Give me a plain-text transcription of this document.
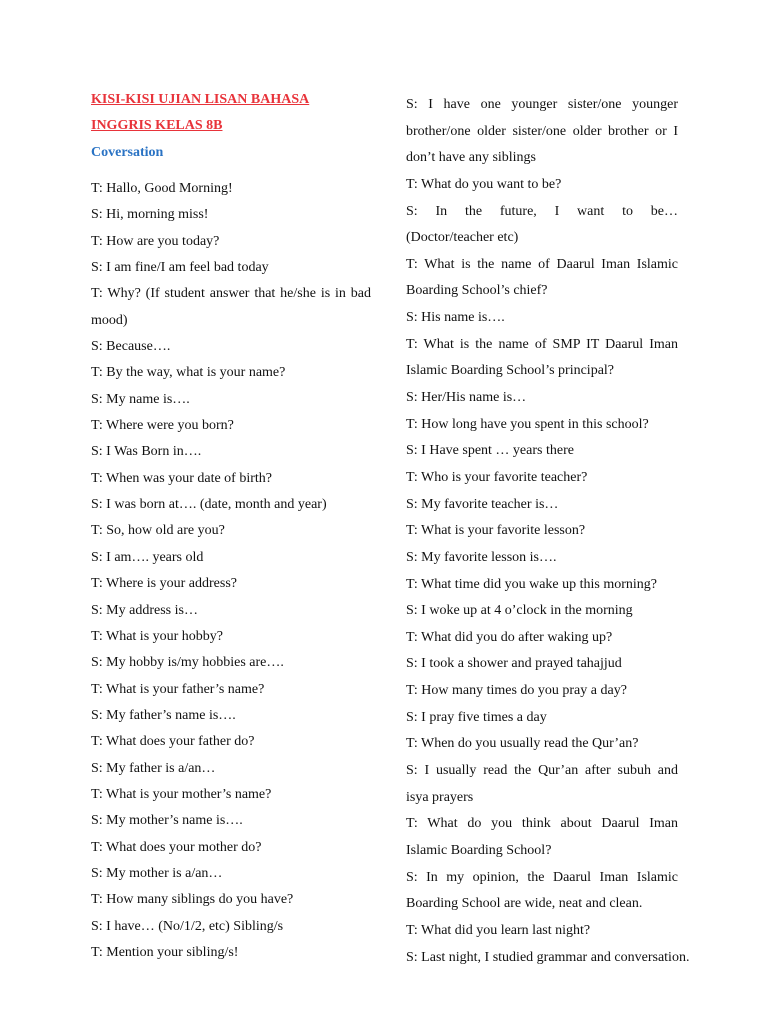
KISI-KISI UJIAN LISAN BAHASA

INGGRIS KELAS 8B

Coversation

T: Hallo, Good Morning!
S: Hi, morning miss!
T: How are you today?
S: I am fine/I am feel bad today
T: Why? (If student answer that he/she is in bad
mood)
S: Because….
T: By the way, what is your name?
S: My name is….
T: Where were you born?
S: I Was Born in….
T: When was your date of birth?
S: I was born at…. (date, month and year)
T: So, how old are you?
S: I am…. years old
T: Where is your address?
S: My address is…
T: What is your hobby?
S: My hobby is/my hobbies are….
T: What is your father’s name?
S: My father’s name is….
T: What does your father do?
S: My father is a/an…
T: What is your mother’s name?
S: My mother’s name is….
T: What does your mother do?
S: My mother is a/an…
T: How many siblings do you have?
S: I have… (No/1/2, etc) Sibling/s
T: Mention your sibling/s!
S: I have one younger sister/one younger
brother/one older sister/one older brother or I
don’t have any siblings
T: What do you want to be?
S: In the future, I want to be…
(Doctor/teacher etc)
T: What is the name of Daarul Iman Islamic
Boarding School’s chief?
S: His name is….
T: What is the name of SMP IT Daarul Iman
Islamic Boarding School’s principal?
S: Her/His name is…
T: How long have you spent in this school?
S: I Have spent … years there
T: Who is your favorite teacher?
S: My favorite teacher is…
T: What is your favorite lesson?
S: My favorite lesson is….
T: What time did you wake up this morning?
S: I woke up at 4 o’clock in the morning
T: What did you do after waking up?
S: I took a shower and prayed tahajjud
T: How many times do you pray a day?
S: I pray five times a day
T: When do you usually read the Qur’an?
S: I usually read the Qur’an after subuh and
isya prayers
T: What do you think about Daarul Iman
Islamic Boarding School?
S: In my opinion, the Daarul Iman Islamic
Boarding School are wide, neat and clean.
T: What did you learn last night?
S: Last night, I studied grammar and conversation.
